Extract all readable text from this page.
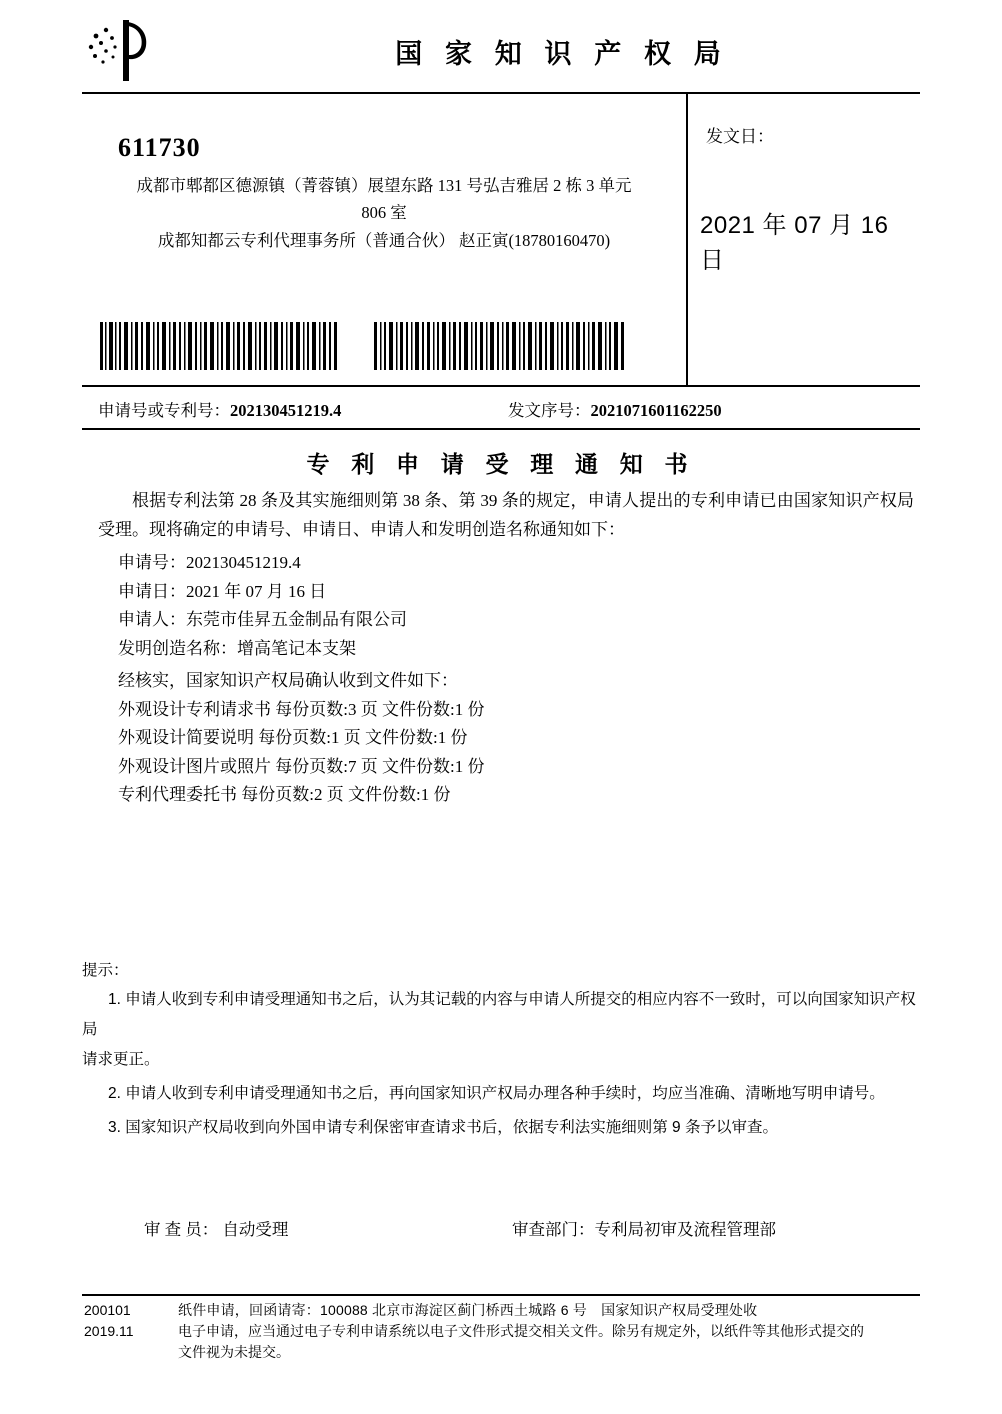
国 家 知 识 产 权 局
611730
成都市郫都区德源镇（菁蓉镇）展望东路 131 号弘吉雅居 2 栋 3 单元
806 室
成都知都云专利代理事务所（普通合伙） 赵正寅(18780160470)
发文日：
2021 年 07 月 16 日
申请号或专利号：202130451219.4	发文序号：2021071601162250
专 利 申 请 受 理 通 知 书
根据专利法第 28 条及其实施细则第 38 条、第 39 条的规定，申请人提出的专利申请已由国家知识产权局受理。现将确定的申请号、申请日、申请人和发明创造名称通知如下：
申请号：202130451219.4
申请日：2021 年 07 月 16 日
申请人：东莞市佳昇五金制品有限公司
发明创造名称：增高笔记本支架
经核实，国家知识产权局确认收到文件如下：
外观设计专利请求书 每份页数:3 页 文件份数:1 份
外观设计简要说明 每份页数:1 页 文件份数:1 份
外观设计图片或照片 每份页数:7 页 文件份数:1 份
专利代理委托书 每份页数:2 页 文件份数:1 份
提示：
1. 申请人收到专利申请受理通知书之后，认为其记载的内容与申请人所提交的相应内容不一致时，可以向国家知识产权局
请求更正。
2. 申请人收到专利申请受理通知书之后，再向国家知识产权局办理各种手续时，均应当准确、清晰地写明申请号。
3. 国家知识产权局收到向外国申请专利保密审查请求书后，依据专利法实施细则第 9 条予以审查。
审 查 员： 自动受理	审查部门：专利局初审及流程管理部
200101
2019.11
纸件申请，回函请寄：100088 北京市海淀区蓟门桥西土城路 6 号　国家知识产权局受理处收
电子申请，应当通过电子专利申请系统以电子文件形式提交相关文件。除另有规定外，以纸件等其他形式提交的
文件视为未提交。
